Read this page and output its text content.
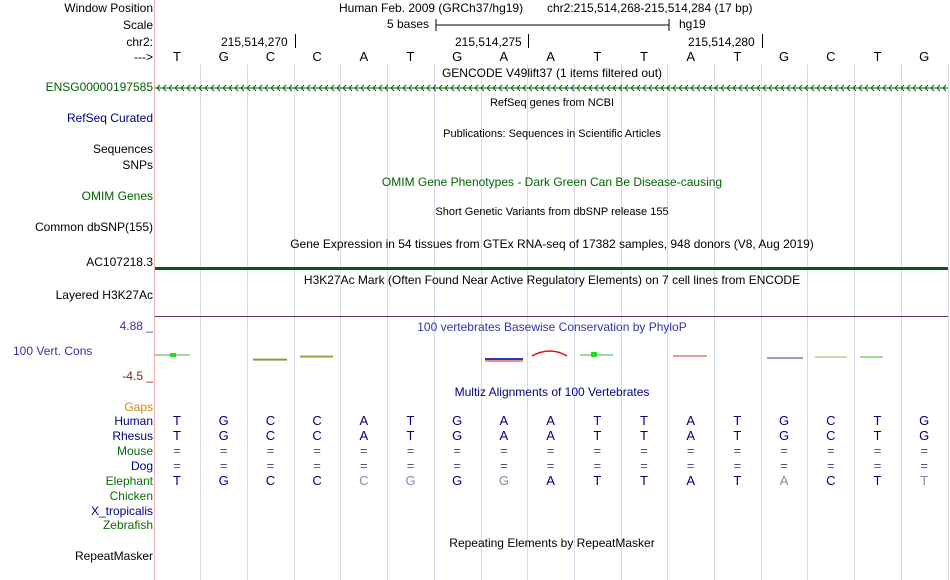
Window Position	Human Feb. 2009 (GRCh37/hg19) chr2:215,514,268-215,514,284 (17 bp)
Scale	5 bases	hg19
chr2:	215,514,270	215,514,275	215,514,280
--->	T	G	C	C	A	T	G	A	A	T	T	A	T	G	C	T	G
GENCODE V49lift37 (1 items filtered out)
ENSG00000197585
RefSeq genes from NCBI
RefSeq Curated
Publications: Sequences in Scientific Articles
Sequences
SNPs
OMIM Gene Phenotypes - Dark Green Can Be Disease-causing
OMIM Genes
Short Genetic Variants from dbSNP release 155
Common dbSNP(155)
Gene Expression in 54 tissues from GTEx RNA-seq of 17382 samples, 948 donors (V8, Aug 2019)
AC107218.3
H3K27Ac Mark (Often Found Near Active Regulatory Elements) on 7 cell lines from ENCODE
Layered H3K27Ac
4.88 _	100 vertebrates Basewise Conservation by PhyloP
100 Vert. Cons
-4.5 _
Multiz Alignments of 100 Vertebrates
Gaps
Human	T	G	C	C	A	T	G	A	A	T	T	A	T	G	C	T	G
Rhesus	T	G	C	C	A	T	G	A	A	T	T	A	T	G	C	T	G
Mouse	=	=	=	=	=	=	=	=	=	=	=	=	=	=	=	=	=
Dog	=	=	=	=	=	=	=	=	=	=	=	=	=	=	=	=	=
Elephant	T	G	C	C	C	G	G	G	A	T	T	A	T	A	C	T	T
Chicken
X_tropicalis
Zebrafish
Repeating Elements by RepeatMasker
RepeatMasker
